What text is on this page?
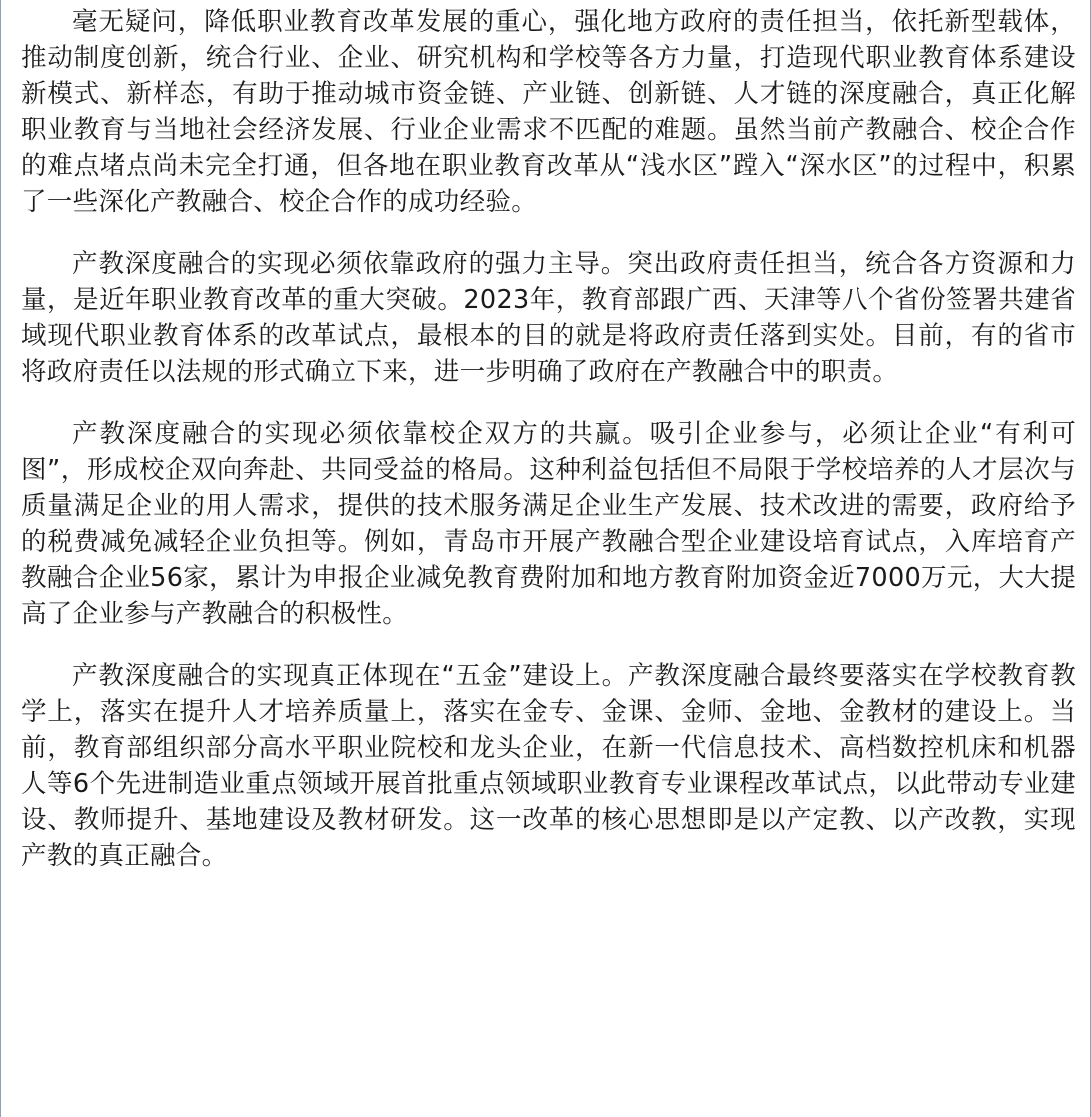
毫无疑问，降低职业教育改革发展的重心，强化地方政府的责任担当，依托新型载体，推动制度创新，统合行业、企业、研究机构和学校等各方力量，打造现代职业教育体系建设新模式、新样态，有助于推动城市资金链、产业链、创新链、人才链的深度融合，真正化解职业教育与当地社会经济发展、行业企业需求不匹配的难题。虽然当前产教融合、校企合作的难点堵点尚未完全打通，但各地在职业教育改革从“浅水区”蹚入“深水区”的过程中，积累了一些深化产教融合、校企合作的成功经验。

产教深度融合的实现必须依靠政府的强力主导。突出政府责任担当，统合各方资源和力量，是近年职业教育改革的重大突破。2023年，教育部跟广西、天津等八个省份签署共建省域现代职业教育体系的改革试点，最根本的目的就是将政府责任落到实处。目前，有的省市将政府责任以法规的形式确立下来，进一步明确了政府在产教融合中的职责。

产教深度融合的实现必须依靠校企双方的共赢。吸引企业参与，必须让企业“有利可图”，形成校企双向奔赴、共同受益的格局。这种利益包括但不局限于学校培养的人才层次与质量满足企业的用人需求，提供的技术服务满足企业生产发展、技术改进的需要，政府给予的税费减免减轻企业负担等。例如，青岛市开展产教融合型企业建设培育试点，入库培育产教融合企业56家，累计为申报企业减免教育费附加和地方教育附加资金近7000万元，大大提高了企业参与产教融合的积极性。

产教深度融合的实现真正体现在“五金”建设上。产教深度融合最终要落实在学校教育教学上，落实在提升人才培养质量上，落实在金专、金课、金师、金地、金教材的建设上。当前，教育部组织部分高水平职业院校和龙头企业，在新一代信息技术、高档数控机床和机器人等6个先进制造业重点领域开展首批重点领域职业教育专业课程改革试点，以此带动专业建设、教师提升、基地建设及教材研发。这一改革的核心思想即是以产定教、以产改教，实现产教的真正融合。
